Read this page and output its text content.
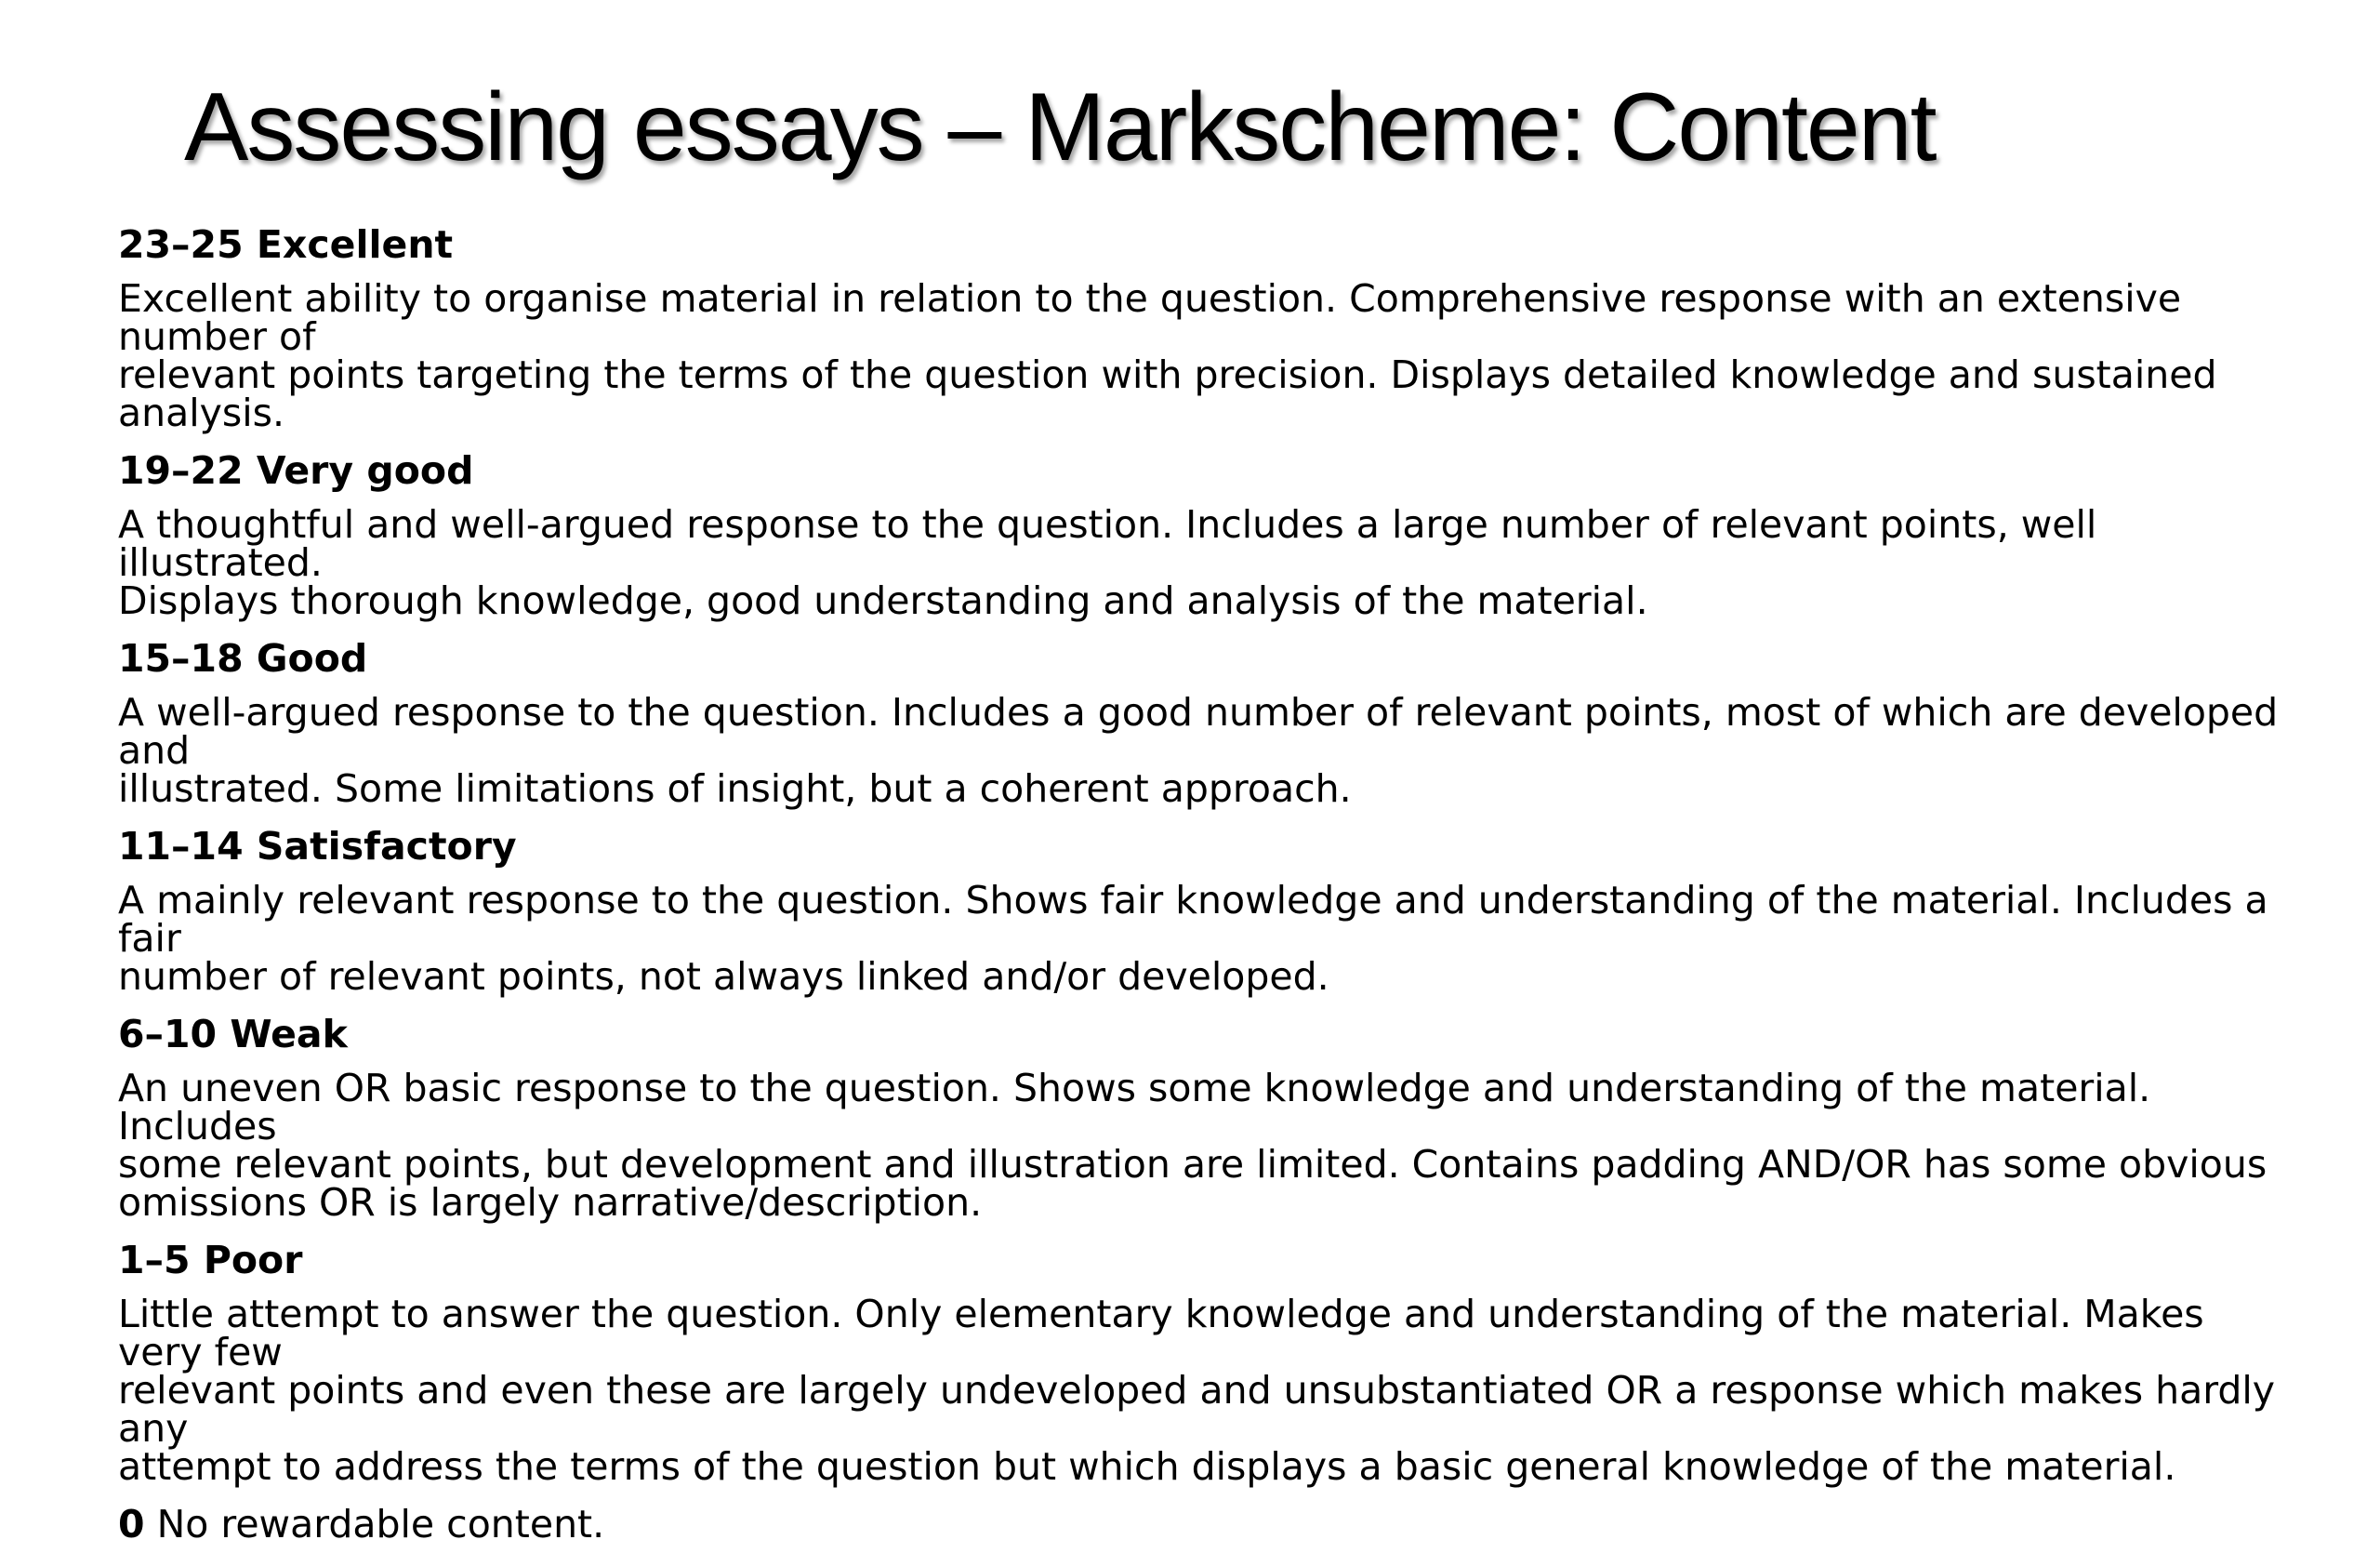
Assessing essays – Markscheme: Content
23–25 Excellent
Excellent ability to organise material in relation to the question. Comprehensive response with an extensive number of
relevant points targeting the terms of the question with precision. Displays detailed knowledge and sustained analysis.
19–22 Very good
A thoughtful and well-argued response to the question. Includes a large number of relevant points, well illustrated.
Displays thorough knowledge, good understanding and analysis of the material.
15–18 Good
A well-argued response to the question. Includes a good number of relevant points, most of which are developed and
illustrated. Some limitations of insight, but a coherent approach.
11–14 Satisfactory
A mainly relevant response to the question. Shows fair knowledge and understanding of the material. Includes a fair
number of relevant points, not always linked and/or developed.
6–10 Weak
An uneven OR basic response to the question. Shows some knowledge and understanding of the material. Includes
some relevant points, but development and illustration are limited. Contains padding AND/OR has some obvious
omissions OR is largely narrative/description.
1–5 Poor
Little attempt to answer the question. Only elementary knowledge and understanding of the material. Makes very few
relevant points and even these are largely undeveloped and unsubstantiated OR a response which makes hardly any
attempt to address the terms of the question but which displays a basic general knowledge of the material.
0 No rewardable content.
